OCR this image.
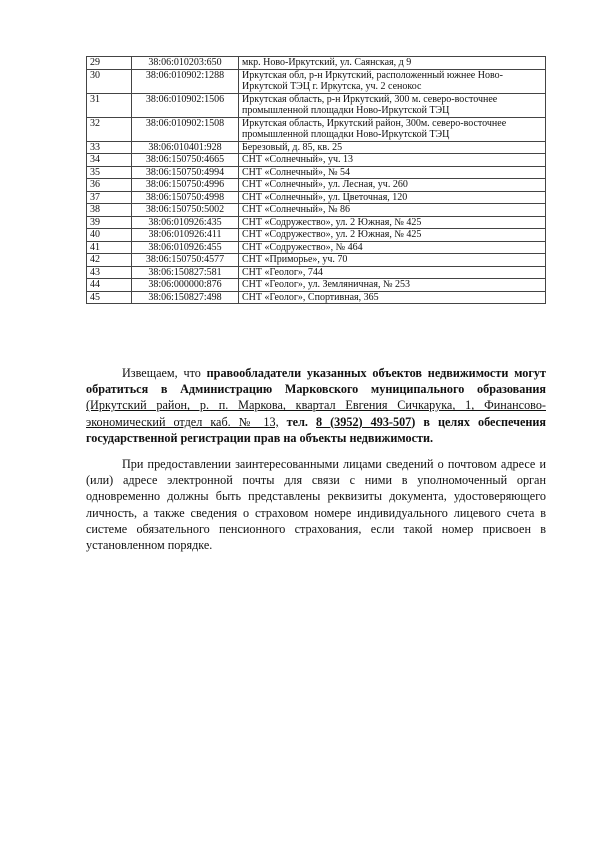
29	38:06:010203:650	мкр. Ново-Иркутский, ул. Саянская, д 9
30	38:06:010902:1288	Иркутская обл, р-н Иркутский, расположенный южнее Ново-Иркутской ТЭЦ г. Иркутска, уч. 2 сенокос
31	38:06:010902:1506	Иркутская область, р-н Иркутский, 300 м. северо-восточнее промышленной площадки Ново-Иркутской ТЭЦ
32	38:06:010902:1508	Иркутская область, Иркутский район, 300м. северо-восточнее промышленной площадки Ново-Иркутской ТЭЦ
33	38:06:010401:928	Березовый, д. 85, кв. 25
34	38:06:150750:4665	СНТ «Солнечный», уч. 13
35	38:06:150750:4994	СНТ «Солнечный», № 54
36	38:06:150750:4996	СНТ «Солнечный», ул. Лесная, уч. 260
37	38:06:150750:4998	СНТ «Солнечный», ул. Цветочная, 120
38	38:06:150750:5002	СНТ «Солнечный», № 86
39	38:06:010926:435	СНТ «Содружество», ул. 2 Южная, № 425
40	38:06:010926:411	СНТ «Содружество», ул. 2 Южная, № 425
41	38:06:010926:455	СНТ «Содружество», № 464
42	38:06:150750:4577	СНТ «Приморье», уч. 70
43	38:06:150827:581	СНТ «Геолог», 744
44	38:06:000000:876	СНТ «Геолог», ул. Земляничная, № 253
45	38:06:150827:498	СНТ «Геолог», Спортивная, 365
Извещаем, что правообладатели указанных объектов недвижимости могут обратиться в Администрацию Марковского муниципального образования (Иркутский район, р. п. Маркова, квартал Евгения Сичкарука, 1, Финансово-экономический отдел каб. № 13, тел. 8 (3952) 493-507) в целях обеспечения государственной регистрации прав на объекты недвижимости.
При предоставлении заинтересованными лицами сведений о почтовом адресе и (или) адресе электронной почты для связи с ними в уполномоченный орган одновременно должны быть представлены реквизиты документа, удостоверяющего личность, а также сведения о страховом номере индивидуального лицевого счета в системе обязательного пенсионного страхования, если такой номер присвоен в установленном порядке.
